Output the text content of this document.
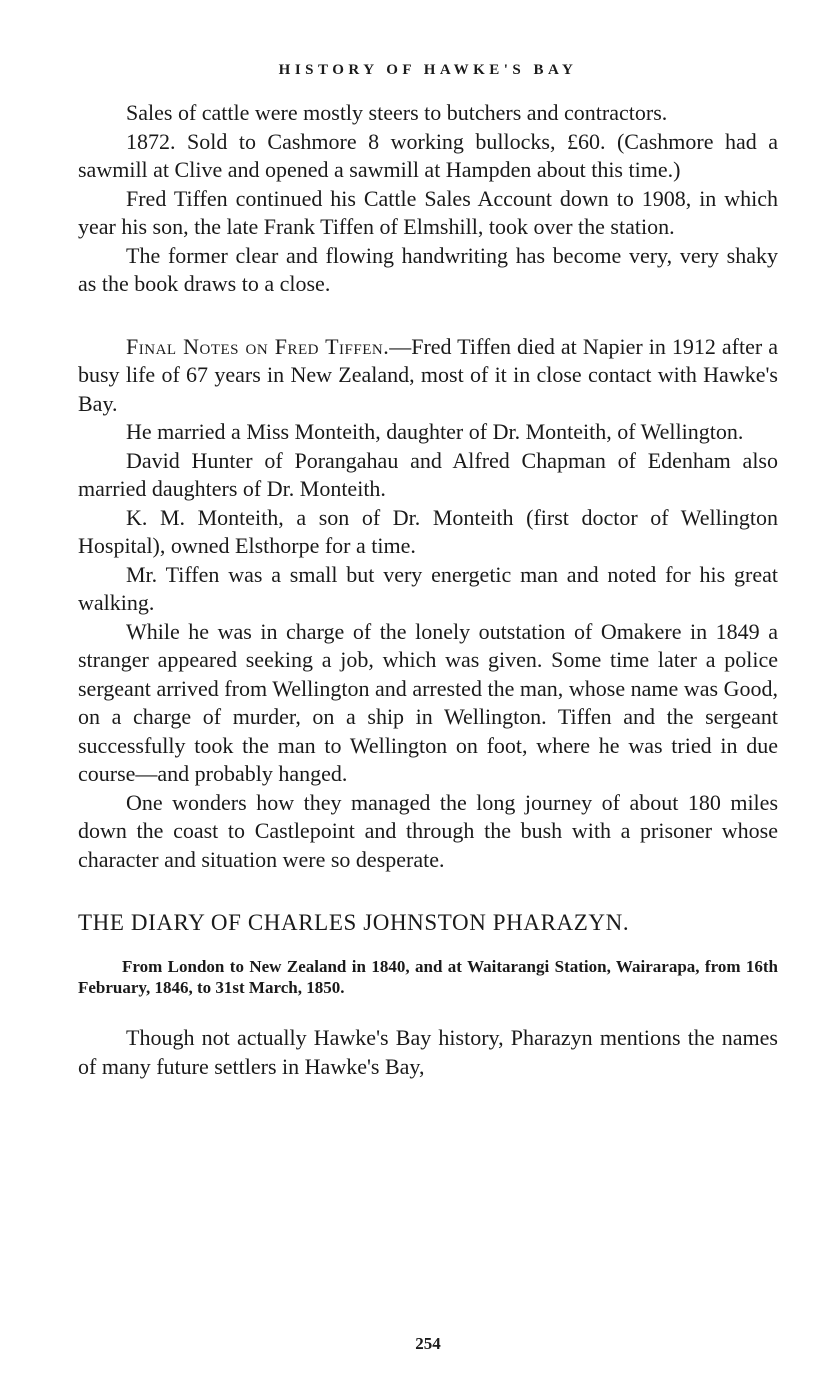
HISTORY OF HAWKE'S BAY

Sales of cattle were mostly steers to butchers and contractors.

1872. Sold to Cashmore 8 working bullocks, £60. (Cashmore had a sawmill at Clive and opened a sawmill at Hampden about this time.)

Fred Tiffen continued his Cattle Sales Account down to 1908, in which year his son, the late Frank Tiffen of Elmshill, took over the station.

The former clear and flowing handwriting has become very, very shaky as the book draws to a close.

Final Notes on Fred Tiffen.—Fred Tiffen died at Napier in 1912 after a busy life of 67 years in New Zealand, most of it in close contact with Hawke's Bay.

He married a Miss Monteith, daughter of Dr. Monteith, of Wellington.

David Hunter of Porangahau and Alfred Chapman of Edenham also married daughters of Dr. Monteith.

K. M. Monteith, a son of Dr. Monteith (first doctor of Wellington Hospital), owned Elsthorpe for a time.

Mr. Tiffen was a small but very energetic man and noted for his great walking.

While he was in charge of the lonely outstation of Omakere in 1849 a stranger appeared seeking a job, which was given. Some time later a police sergeant arrived from Wellington and arrested the man, whose name was Good, on a charge of murder, on a ship in Wellington. Tiffen and the sergeant successfully took the man to Wellington on foot, where he was tried in due course—and probably hanged.

One wonders how they managed the long journey of about 180 miles down the coast to Castlepoint and through the bush with a prisoner whose character and situation were so desperate.

THE DIARY OF CHARLES JOHNSTON PHARAZYN.

From London to New Zealand in 1840, and at Waitarangi Station, Wairarapa, from 16th February, 1846, to 31st March, 1850.

Though not actually Hawke's Bay history, Pharazyn mentions the names of many future settlers in Hawke's Bay,

254
